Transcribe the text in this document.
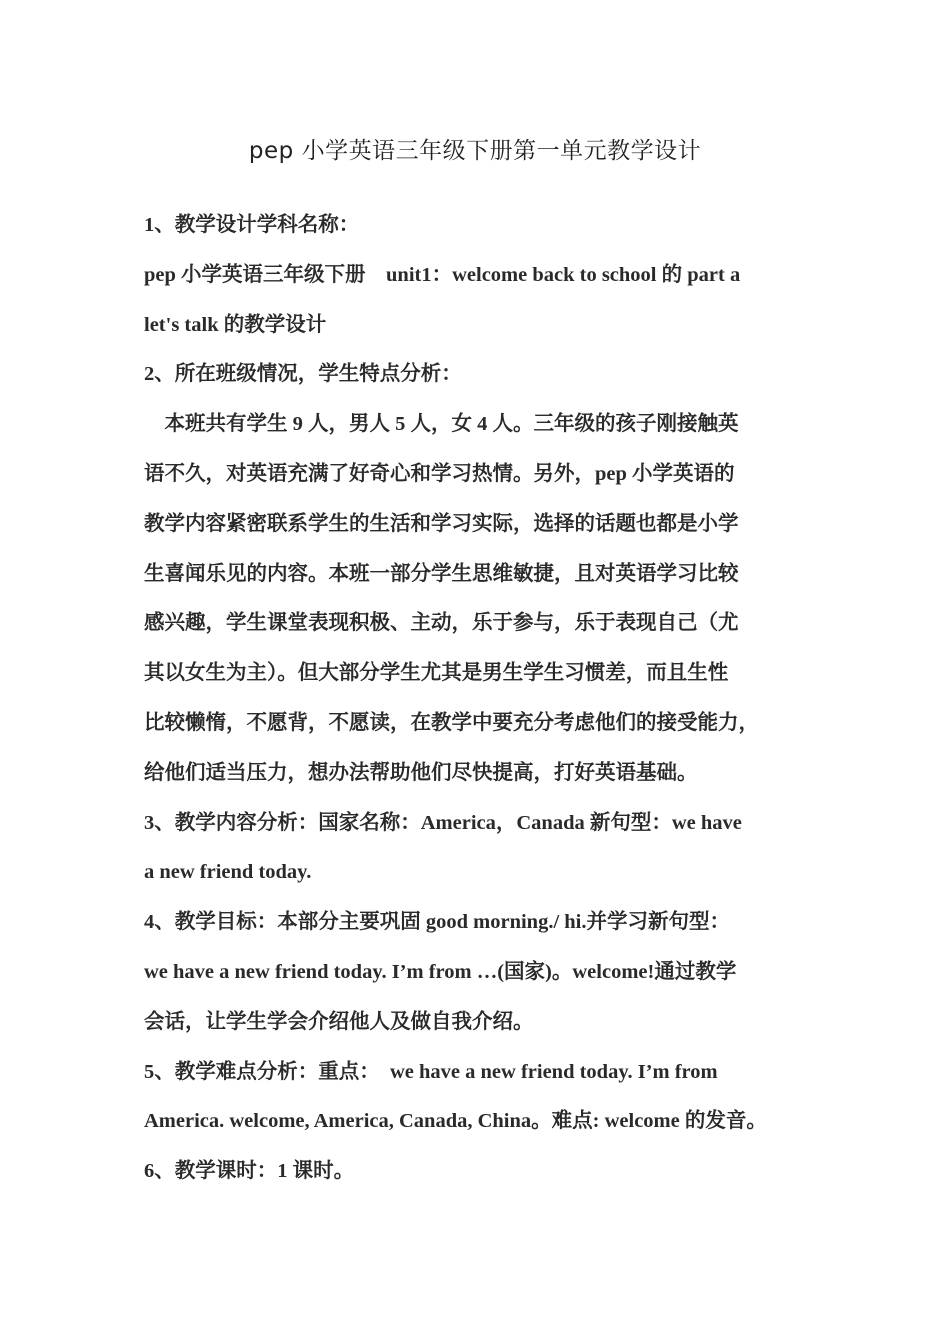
pep 小学英语三年级下册第一单元教学设计
1、教学设计学科名称：
pep 小学英语三年级下册　unit1：welcome back to school 的 part a
let's talk 的教学设计
2、所在班级情况，学生特点分析：
　本班共有学生 9 人，男人 5 人，女 4 人。三年级的孩子刚接触英
语不久，对英语充满了好奇心和学习热情。另外，pep 小学英语的
教学内容紧密联系学生的生活和学习实际，选择的话题也都是小学
生喜闻乐见的内容。本班一部分学生思维敏捷，且对英语学习比较
感兴趣，学生课堂表现积极、主动，乐于参与，乐于表现自己（尤
其以女生为主）。但大部分学生尤其是男生学生习惯差，而且生性
比较懒惰，不愿背，不愿读，在教学中要充分考虑他们的接受能力，
给他们适当压力，想办法帮助他们尽快提高，打好英语基础。
3、教学内容分析：国家名称：America，Canada 新句型：we have
a new friend today.
4、教学目标：本部分主要巩固 good morning./ hi.并学习新句型：
we have a new friend today. I’m from …(国家)。welcome!通过教学
会话，让学生学会介绍他人及做自我介绍。
5、教学难点分析：重点：　we have a new friend today. I’m from
America. welcome, America, Canada, China。难点: welcome 的发音。
6、教学课时：1 课时。
